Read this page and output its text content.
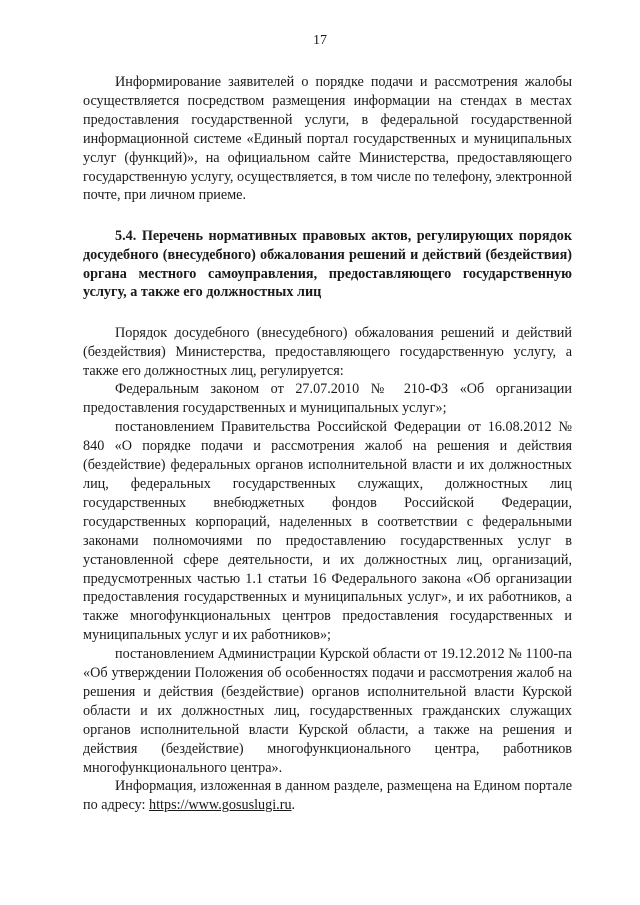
17

Информирование заявителей о порядке подачи и рассмотрения жалобы осуществляется посредством размещения информации на стендах в местах предоставления государственной услуги, в федеральной государственной информационной системе «Единый портал государственных и муниципальных услуг (функций)», на официальном сайте Министерства, предоставляющего государственную услугу, осуществляется, в том числе по телефону, электронной почте, при личном приеме.

5.4. Перечень нормативных правовых актов, регулирующих порядок досудебного (внесудебного) обжалования решений и действий (бездействия) органа местного самоуправления, предоставляющего государственную услугу, а также его должностных лиц

Порядок досудебного (внесудебного) обжалования решений и действий (бездействия) Министерства, предоставляющего государственную услугу, а также его должностных лиц, регулируется:

Федеральным законом от 27.07.2010 № 210-ФЗ «Об организации предоставления государственных и муниципальных услуг»;

постановлением Правительства Российской Федерации от 16.08.2012 № 840 «О порядке подачи и рассмотрения жалоб на решения и действия (бездействие) федеральных органов исполнительной власти и их должностных лиц, федеральных государственных служащих, должностных лиц государственных внебюджетных фондов Российской Федерации, государственных корпораций, наделенных в соответствии с федеральными законами полномочиями по предоставлению государственных услуг в установленной сфере деятельности, и их должностных лиц, организаций, предусмотренных частью 1.1 статьи 16 Федерального закона «Об организации предоставления государственных и муниципальных услуг», и их работников, а также многофункциональных центров предоставления государственных и муниципальных услуг и их работников»;

постановлением Администрации Курской области от 19.12.2012 № 1100-па «Об утверждении Положения об особенностях подачи и рассмотрения жалоб на решения и действия (бездействие) органов исполнительной власти Курской области и их должностных лиц, государственных гражданских служащих органов исполнительной власти Курской области, а также на решения и действия (бездействие) многофункционального центра, работников многофункционального центра».

Информация, изложенная в данном разделе, размещена на Едином портале по адресу: https://www.gosuslugi.ru.
